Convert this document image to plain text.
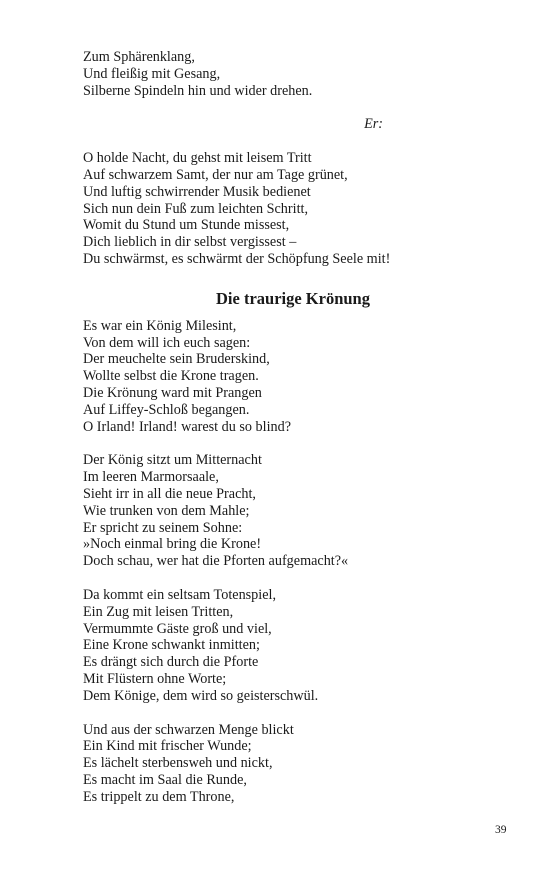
Zum Sphärenklang,
Und fleißig mit Gesang,
Silberne Spindeln hin und wider drehen.
Er:
O holde Nacht, du gehst mit leisem Tritt
Auf schwarzem Samt, der nur am Tage grünet,
Und luftig schwirrender Musik bedienet
Sich nun dein Fuß zum leichten Schritt,
Womit du Stund um Stunde missest,
Dich lieblich in dir selbst vergissest –
Du schwärmst, es schwärmt der Schöpfung Seele mit!
Die traurige Krönung
Es war ein König Milesint,
Von dem will ich euch sagen:
Der meuchelte sein Bruderskind,
Wollte selbst die Krone tragen.
Die Krönung ward mit Prangen
Auf Liffey-Schloß begangen.
O Irland! Irland! warest du so blind?
Der König sitzt um Mitternacht
Im leeren Marmorsaale,
Sieht irr in all die neue Pracht,
Wie trunken von dem Mahle;
Er spricht zu seinem Sohne:
»Noch einmal bring die Krone!
Doch schau, wer hat die Pforten aufgemacht?«
Da kommt ein seltsam Totenspiel,
Ein Zug mit leisen Tritten,
Vermummte Gäste groß und viel,
Eine Krone schwankt inmitten;
Es drängt sich durch die Pforte
Mit Flüstern ohne Worte;
Dem Könige, dem wird so geisterschwül.
Und aus der schwarzen Menge blickt
Ein Kind mit frischer Wunde;
Es lächelt sterbensweh und nickt,
Es macht im Saal die Runde,
Es trippelt zu dem Throne,
39
